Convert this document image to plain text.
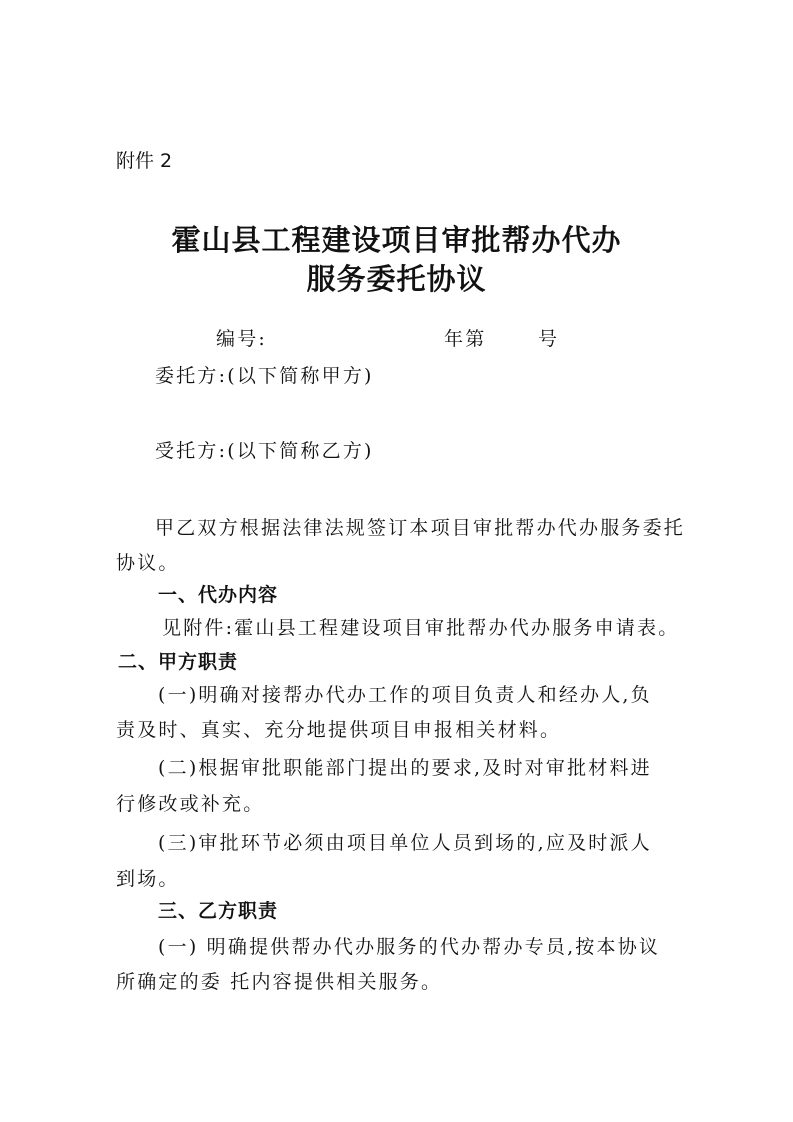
附件 2
霍山县工程建设项目审批帮办代办
服务委托协议
编号:	年第	号
委托方:(以下简称甲方)
受托方:(以下简称乙方)
甲乙双方根据法律法规签订本项目审批帮办代办服务委托
协议。
一、代办内容
见附件:霍山县工程建设项目审批帮办代办服务申请表。
二、甲方职责
(一)明确对接帮办代办工作的项目负责人和经办人,负
责及时、真实、充分地提供项目申报相关材料。
(二)根据审批职能部门提出的要求,及时对审批材料进
行修改或补充。
(三)审批环节必须由项目单位人员到场的,应及时派人
到场。
三、乙方职责
(一) 明确提供帮办代办服务的代办帮办专员,按本协议
所确定的委 托内容提供相关服务。
